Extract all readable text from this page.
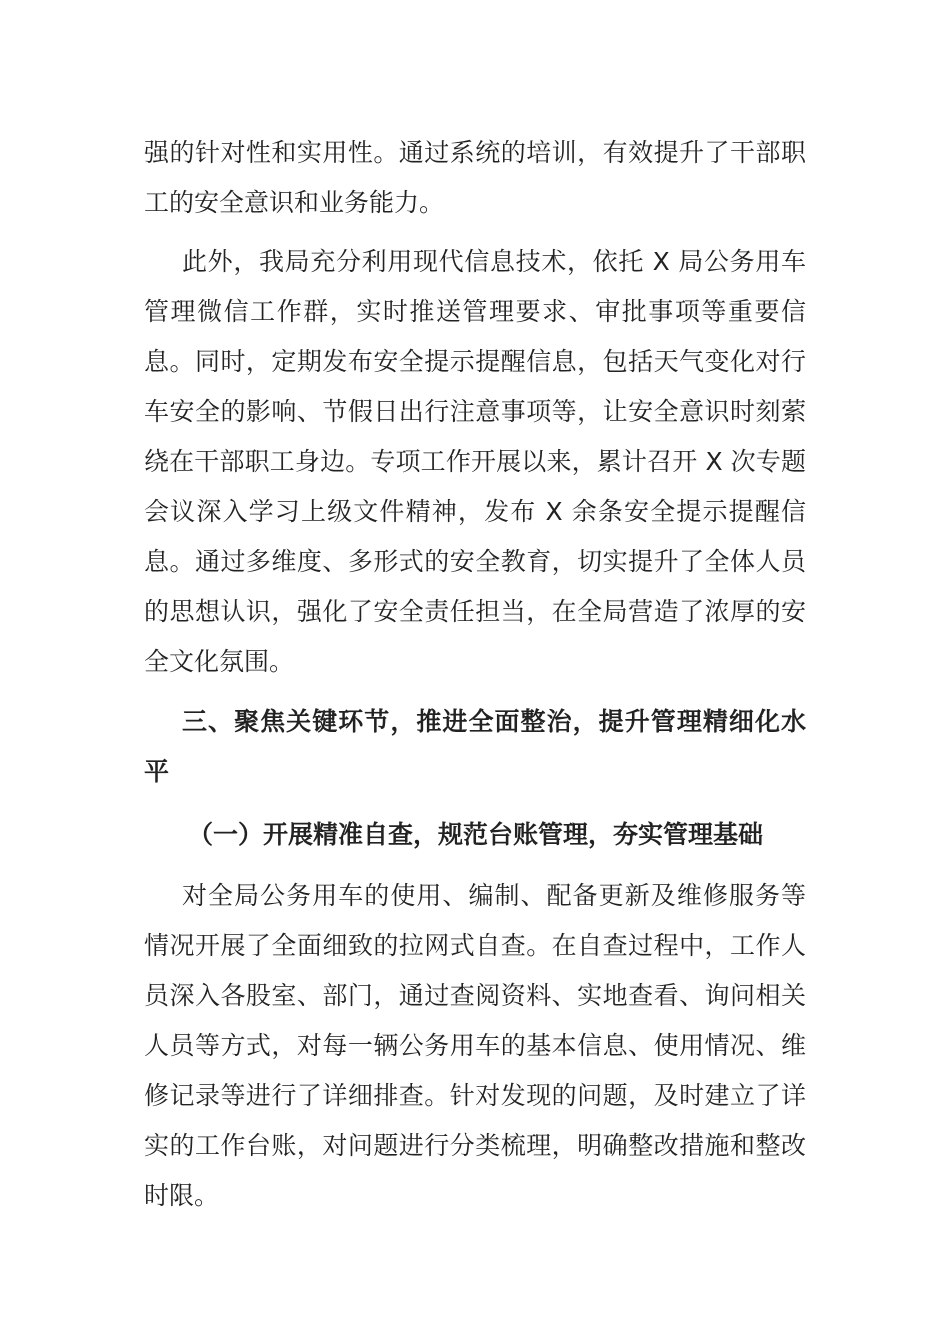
强的针对性和实用性。通过系统的培训，有效提升了干部职工的安全意识和业务能力。

此外，我局充分利用现代信息技术，依托 X 局公务用车管理微信工作群，实时推送管理要求、审批事项等重要信息。同时，定期发布安全提示提醒信息，包括天气变化对行车安全的影响、节假日出行注意事项等，让安全意识时刻萦绕在干部职工身边。专项工作开展以来，累计召开 X 次专题会议深入学习上级文件精神，发布 X 余条安全提示提醒信息。通过多维度、多形式的安全教育，切实提升了全体人员的思想认识，强化了安全责任担当，在全局营造了浓厚的安全文化氛围。

三、聚焦关键环节，推进全面整治，提升管理精细化水平

（一）开展精准自查，规范台账管理，夯实管理基础

对全局公务用车的使用、编制、配备更新及维修服务等情况开展了全面细致的拉网式自查。在自查过程中，工作人员深入各股室、部门，通过查阅资料、实地查看、询问相关人员等方式，对每一辆公务用车的基本信息、使用情况、维修记录等进行了详细排查。针对发现的问题，及时建立了详实的工作台账，对问题进行分类梳理，明确整改措施和整改时限。
